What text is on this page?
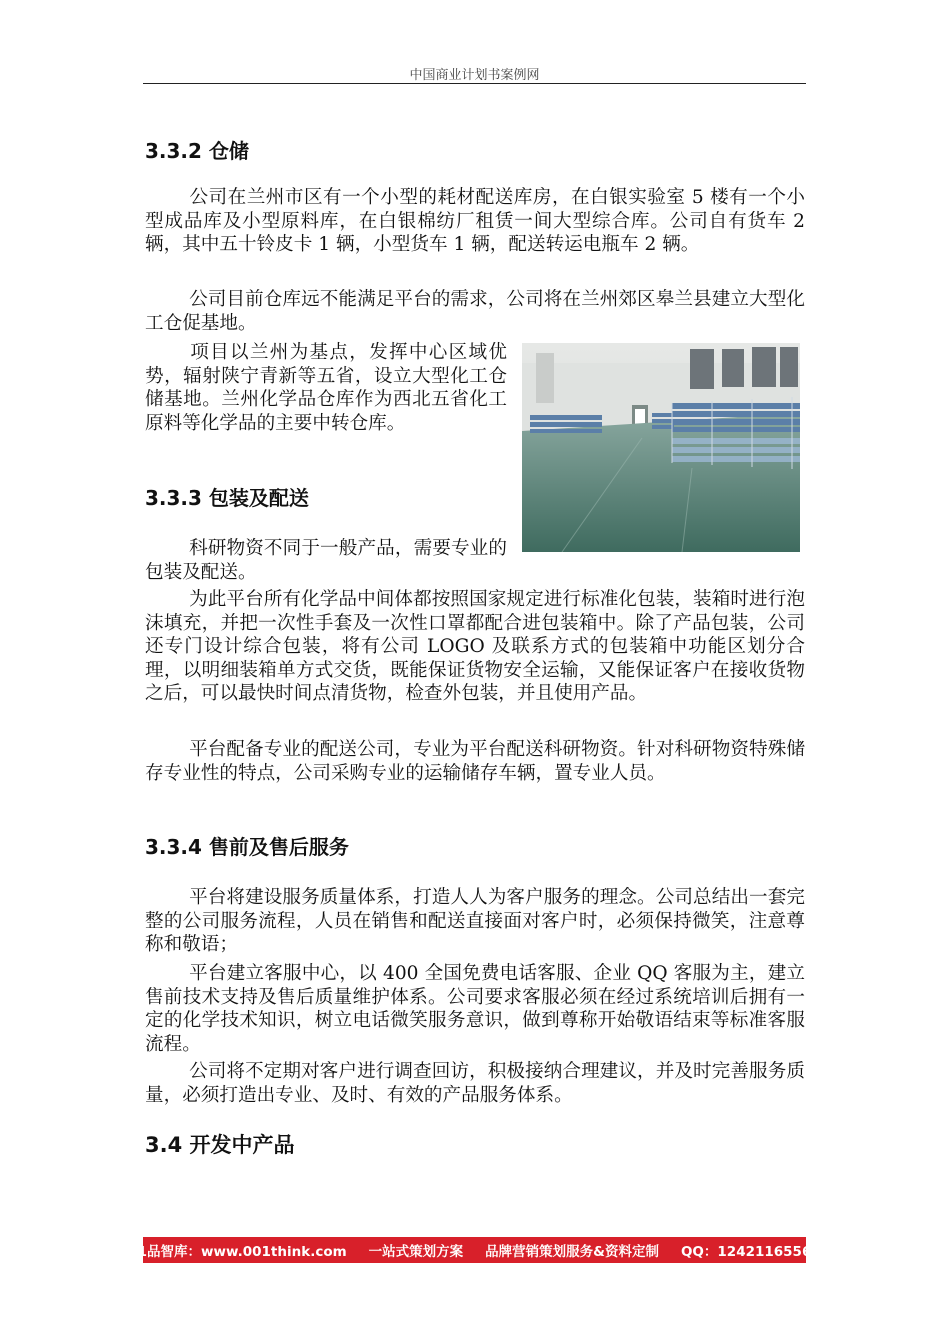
中国商业计划书案例网
3.3.2 仓储

公司在兰州市区有一个小型的耗材配送库房，在白银实验室 5 楼有一个小型成品库及小型原料库，在白银棉纺厂租赁一间大型综合库。公司自有货车 2 辆，其中五十铃皮卡 1 辆，小型货车 1 辆，配送转运电瓶车 2 辆。

公司目前仓库远不能满足平台的需求，公司将在兰州郊区皋兰县建立大型化工仓促基地。

项目以兰州为基点，发挥中心区域优势，辐射陕宁青新等五省，设立大型化工仓储基地。兰州化学品仓库作为西北五省化工原料等化学品的主要中转仓库。

3.3.3 包装及配送

科研物资不同于一般产品，需要专业的包装及配送。

为此平台所有化学品中间体都按照国家规定进行标准化包装，装箱时进行泡沫填充，并把一次性手套及一次性口罩都配合进包装箱中。除了产品包装，公司还专门设计综合包装，将有公司 LOGO 及联系方式的包装箱中功能区划分合理，以明细装箱单方式交货，既能保证货物安全运输，又能保证客户在接收货物之后，可以最快时间点清货物，检查外包装，并且使用产品。

平台配备专业的配送公司，专业为平台配送科研物资。针对科研物资特殊储存专业性的特点，公司采购专业的运输储存车辆，置专业人员。

3.3.4 售前及售后服务

平台将建设服务质量体系，打造人人为客户服务的理念。公司总结出一套完整的公司服务流程，人员在销售和配送直接面对客户时，必须保持微笑，注意尊称和敬语；

平台建立客服中心，以 400 全国免费电话客服、企业 QQ 客服为主，建立售前技术支持及售后质量维护体系。公司要求客服必须在经过系统培训后拥有一定的化学技术知识，树立电话微笑服务意识，做到尊称开始敬语结束等标准客服流程。

公司将不定期对客户进行调查回访，积极接纳合理建议，并及时完善服务质量，必须打造出专业、及时、有效的产品服务体系。

3.4 开发中产品
1品智库：www.001think.com 一站式策划方案 品牌营销策划服务&资料定制 QQ：1242116556
